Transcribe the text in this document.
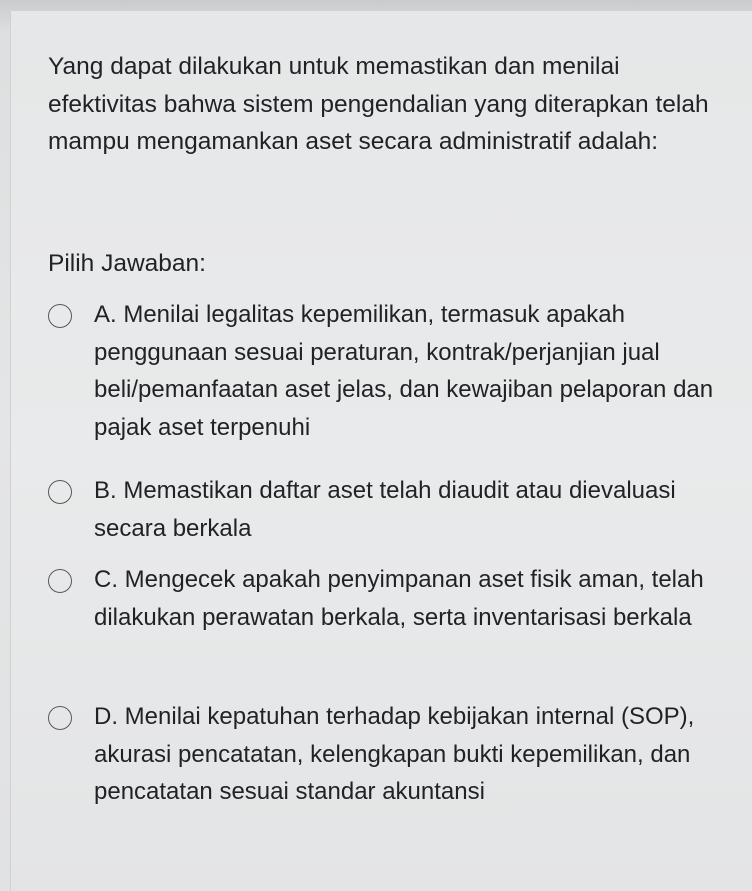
Yang dapat dilakukan untuk memastikan dan menilai efektivitas bahwa sistem pengendalian yang diterapkan telah mampu mengamankan aset secara administratif adalah:

Pilih Jawaban:

A. Menilai legalitas kepemilikan, termasuk apakah penggunaan sesuai peraturan, kontrak/perjanjian jual beli/pemanfaatan aset jelas, dan kewajiban pelaporan dan pajak aset terpenuhi
B. Memastikan daftar aset telah diaudit atau dievaluasi secara berkala
C. Mengecek apakah penyimpanan aset fisik aman, telah dilakukan perawatan berkala, serta inventarisasi berkala
D. Menilai kepatuhan terhadap kebijakan internal (SOP), akurasi pencatatan, kelengkapan bukti kepemilikan, dan pencatatan sesuai standar akuntansi
